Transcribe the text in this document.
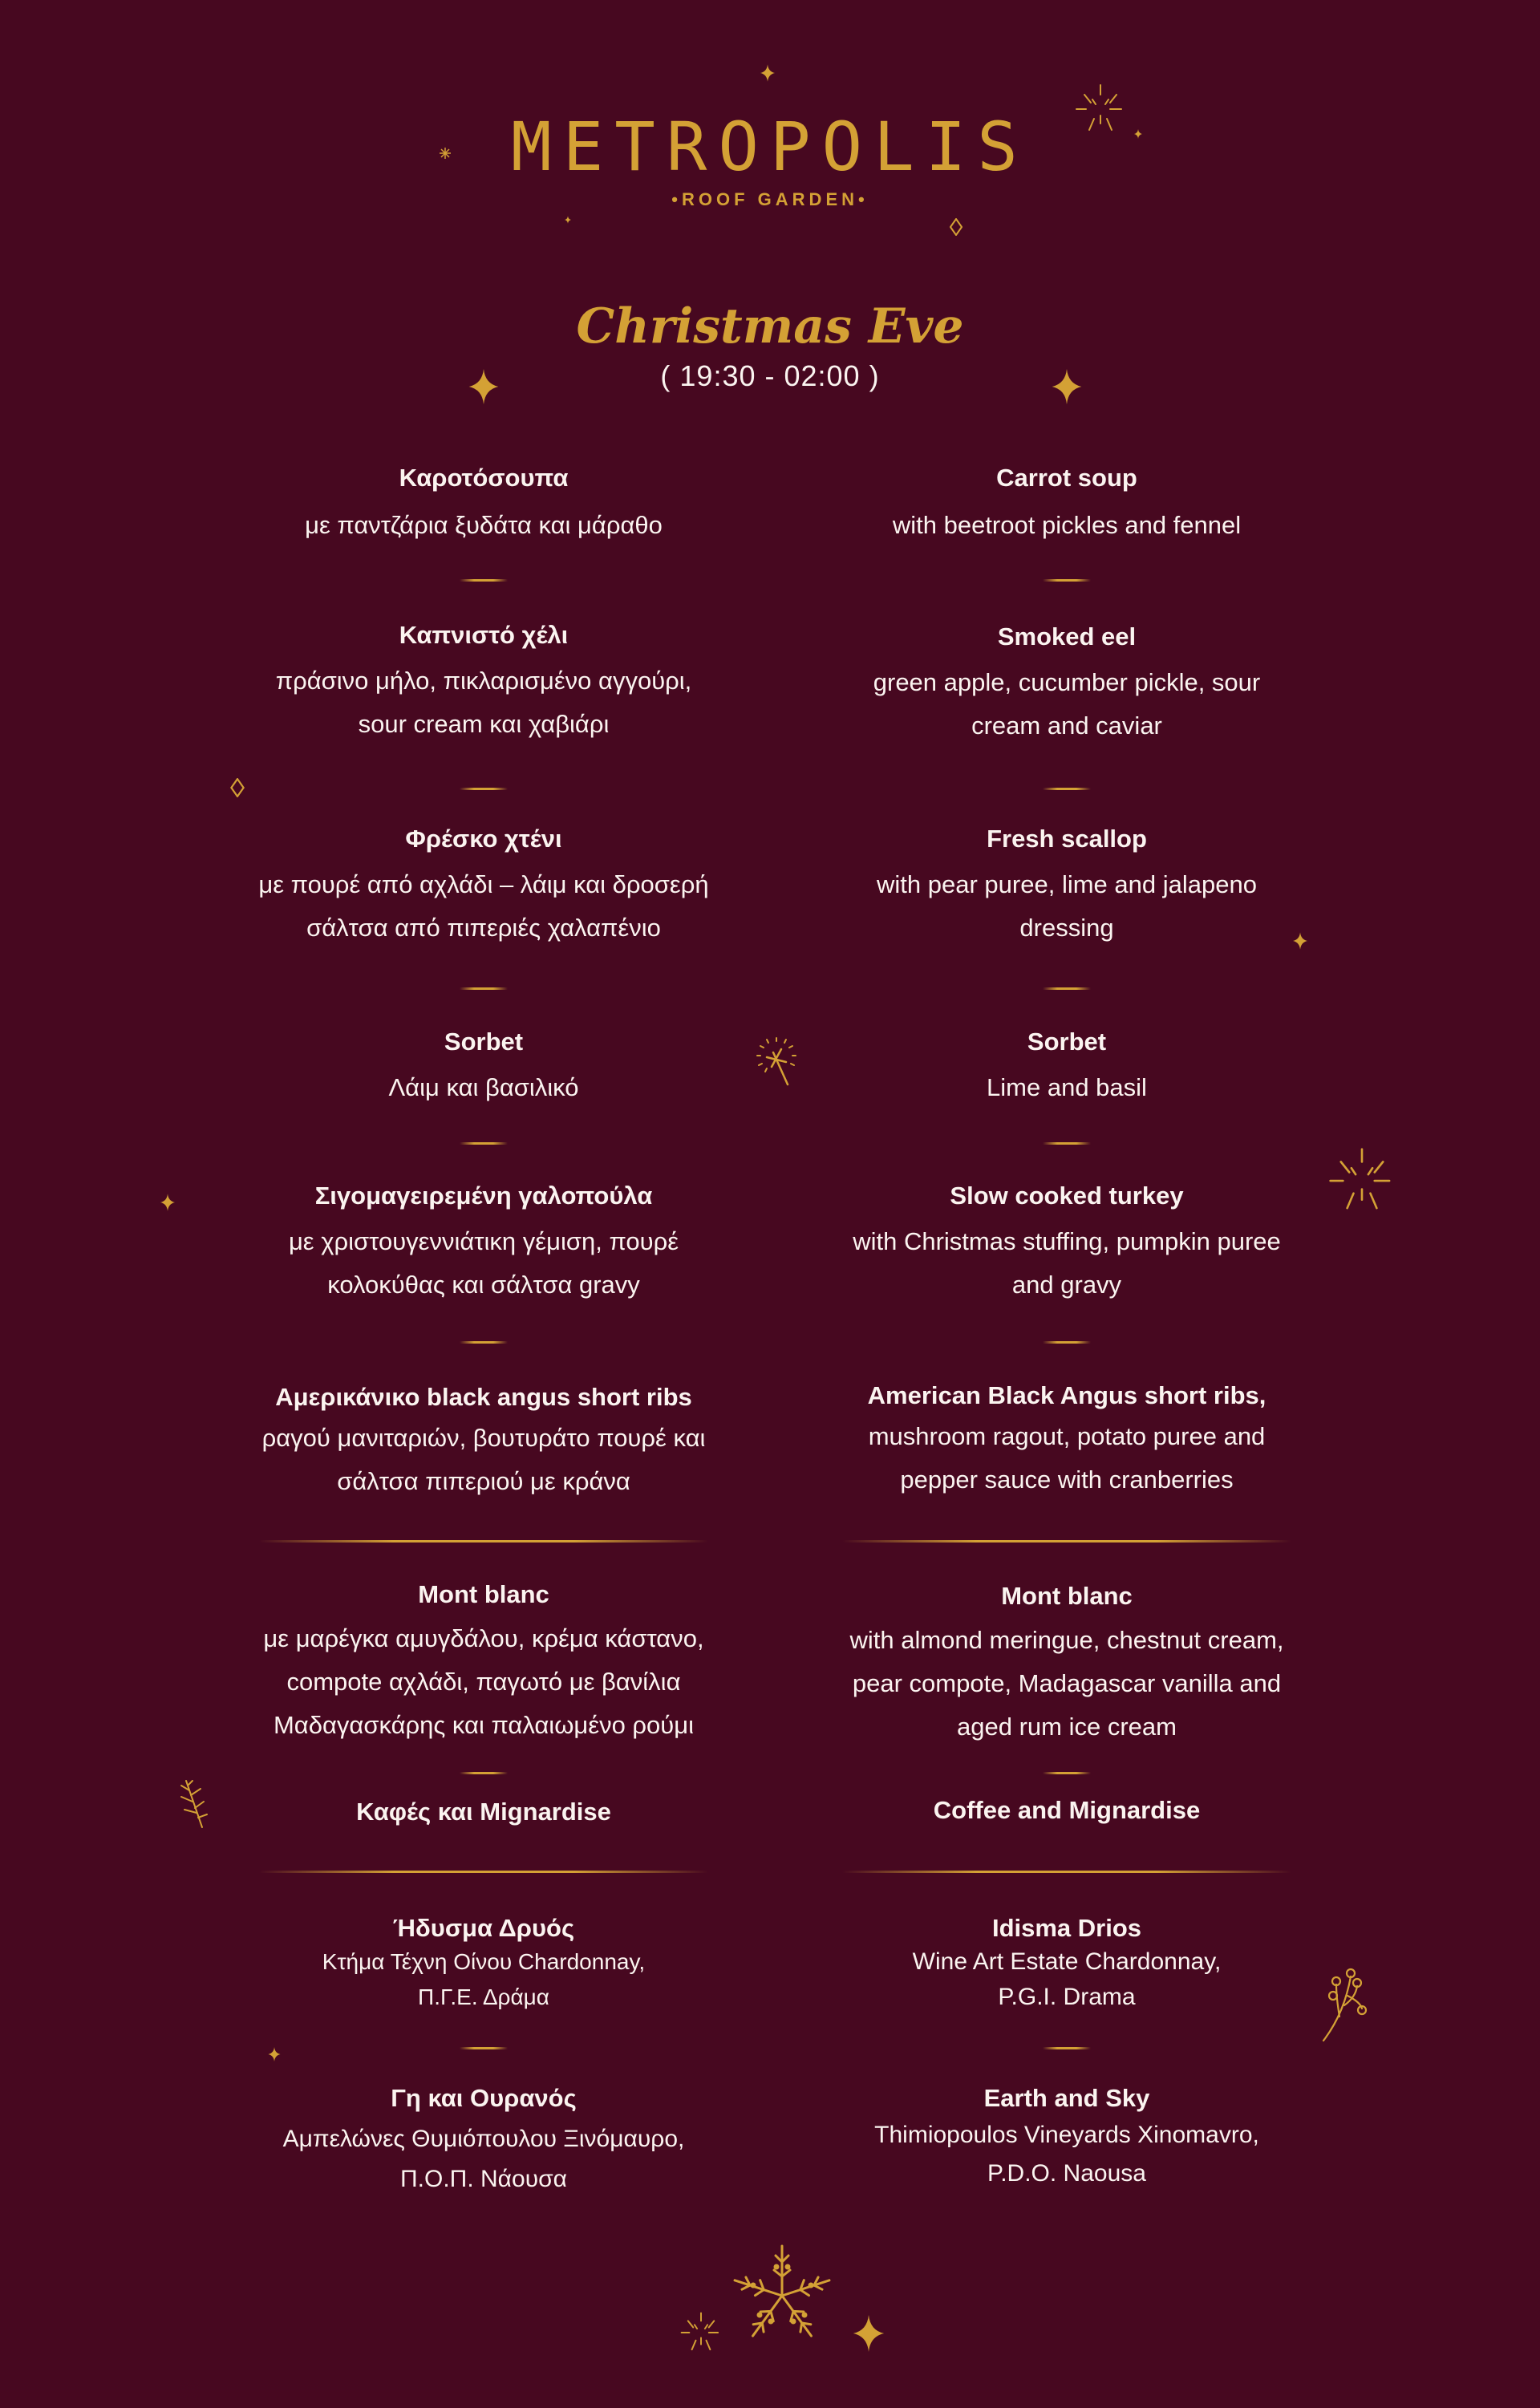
METROPOLIS
•ROOF GARDEN•
Christmas Eve
( 19:30 - 02:00 )
Καροτόσουπα
με παντζάρια ξυδάτα και μάραθο
Καπνιστό χέλι
πράσινο μήλο, πικλαρισμένο αγγούρι,
sour cream και χαβιάρι
Φρέσκο χτένι
με πουρέ από αχλάδι – λάιμ και δροσερή
σάλτσα από πιπεριές χαλαπένιο
Sorbet
Λάιμ και βασιλικό
Σιγομαγειρεμένη γαλοπούλα
με χριστουγεννιάτικη γέμιση, πουρέ
κολοκύθας και σάλτσα gravy
Αμερικάνικο black angus short ribs
ραγού μανιταριών, βουτυράτο πουρέ και
σάλτσα πιπεριού με κράνα
Mont blanc
με μαρέγκα αμυγδάλου, κρέμα κάστανο,
compote αχλάδι, παγωτό με βανίλια
Μαδαγασκάρης και παλαιωμένο ρούμι
Καφές και Mignardise
Ήδυσμα Δρυός
Κτήμα Τέχνη Οίνου Chardonnay,
Π.Γ.Ε. Δράμα
Γη και Ουρανός
Αμπελώνες Θυμιόπουλου Ξινόμαυρο,
Π.Ο.Π. Νάουσα
Carrot soup
with beetroot pickles and fennel
Smoked eel
green apple, cucumber pickle, sour
cream and caviar
Fresh scallop
with pear puree, lime and jalapeno
dressing
Sorbet
Lime and basil
Slow cooked turkey
with Christmas stuffing, pumpkin puree
and gravy
American Black Angus short ribs,
mushroom ragout, potato puree and
pepper sauce with cranberries
Mont blanc
with almond meringue, chestnut cream,
pear compote, Madagascar vanilla and
aged rum ice cream
Coffee and Mignardise
Idisma Drios
Wine Art Estate Chardonnay,
P.G.I. Drama
Earth and Sky
Thimiopoulos Vineyards Xinomavro,
P.D.O. Naousa
